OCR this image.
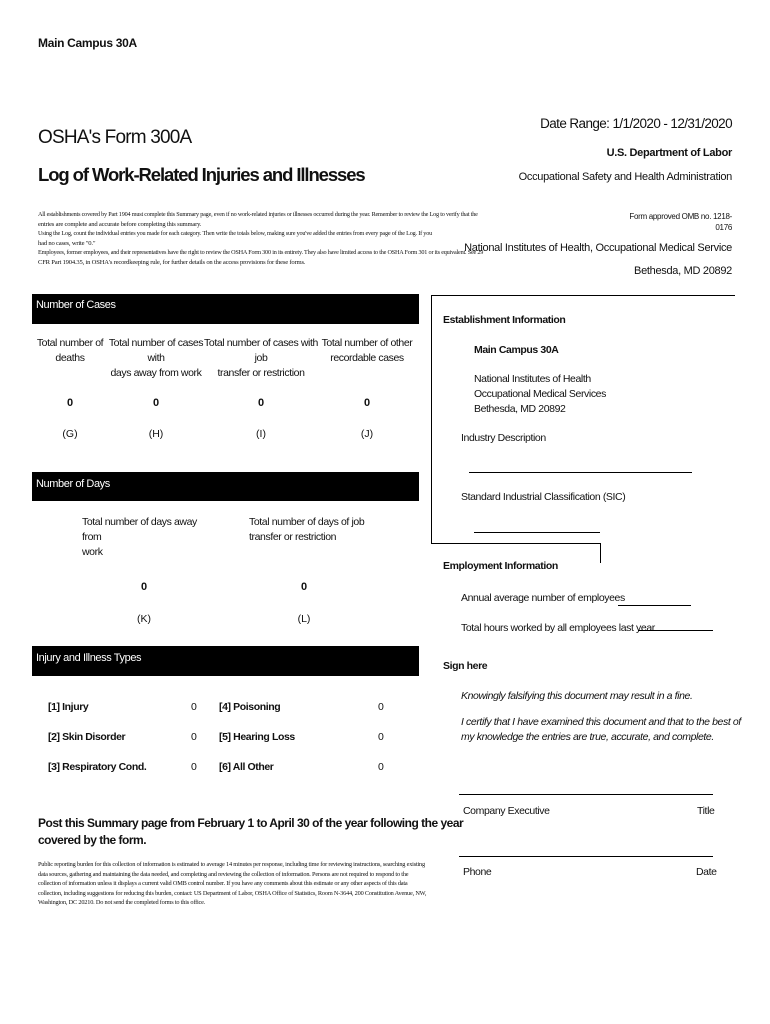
Main Campus 30A
OSHA's Form 300A
Log of Work-Related Injuries and Illnesses
Date Range: 1/1/2020 - 12/31/2020
U.S. Department of Labor
Occupational Safety and Health Administration
Form approved OMB no. 1218-
0176
National Institutes of Health, Occupational Medical Service
Bethesda, MD 20892
All establishments covered by Part 1904 must complete this Summary page, even if no work-related injuries or illnesses occurred during the year. Remember to review the Log to verify that the
entries are complete and accurate before completing this summary.
Using the Log, count the individual entries you made for each category. Then write the totals below, making sure you've added the entries from every page of the Log. If you
had no cases, write "0."
Employees, former employees, and their representatives have the right to review the OSHA Form 300 in its entirety. They also have limited access to the OSHA Form 301 or its equivalent. See 29
CFR Part 1904.35, in OSHA's recordkeeping rule, for further details on the access provisions for these forms.
Number of Cases
Total number of
deaths
Total number of cases with
days away from work
Total number of cases with job
transfer or restriction
Total number of other
recordable cases
0	0	0	0
(G)	(H)	(I)	(J)
Number of Days
Total number of days away from
work
Total number of days of job
transfer or restriction
0	0
(K)	(L)
Injury and Illness Types
[1] Injury	0
[2] Skin Disorder	0
[3] Respiratory Cond.	0
[4] Poisoning	0
[5] Hearing Loss	0
[6] All Other	0
Post this Summary page from February 1 to April 30 of the year following the year
covered by the form.
Public reporting burden for this collection of information is estimated to average 14 minutes per response, including time for reviewing instructions, searching existing
data sources, gathering and maintaining the data needed, and completing and reviewing the collection of information. Persons are not required to respond to the
collection of information unless it displays a current valid OMB control number. If you have any comments about this estimate or any other aspects of this data
collection, including suggestions for reducing this burden, contact: US Department of Labor, OSHA Office of Statistics, Room N-3644, 200 Constitution Avenue, NW,
Washington, DC 20210. Do not send the completed forms to this office.
Establishment Information
Main Campus 30A
National Institutes of Health
Occupational Medical Services
Bethesda, MD 20892
Industry Description
Standard Industrial Classification (SIC)
Employment Information
Annual average number of employees
Total hours worked by all employees last year
Sign here
Knowingly falsifying this document may result in a fine.
I certify that I have examined this document and that to the best of
my knowledge the entries are true, accurate, and complete.
Company Executive	Title
Phone	Date
